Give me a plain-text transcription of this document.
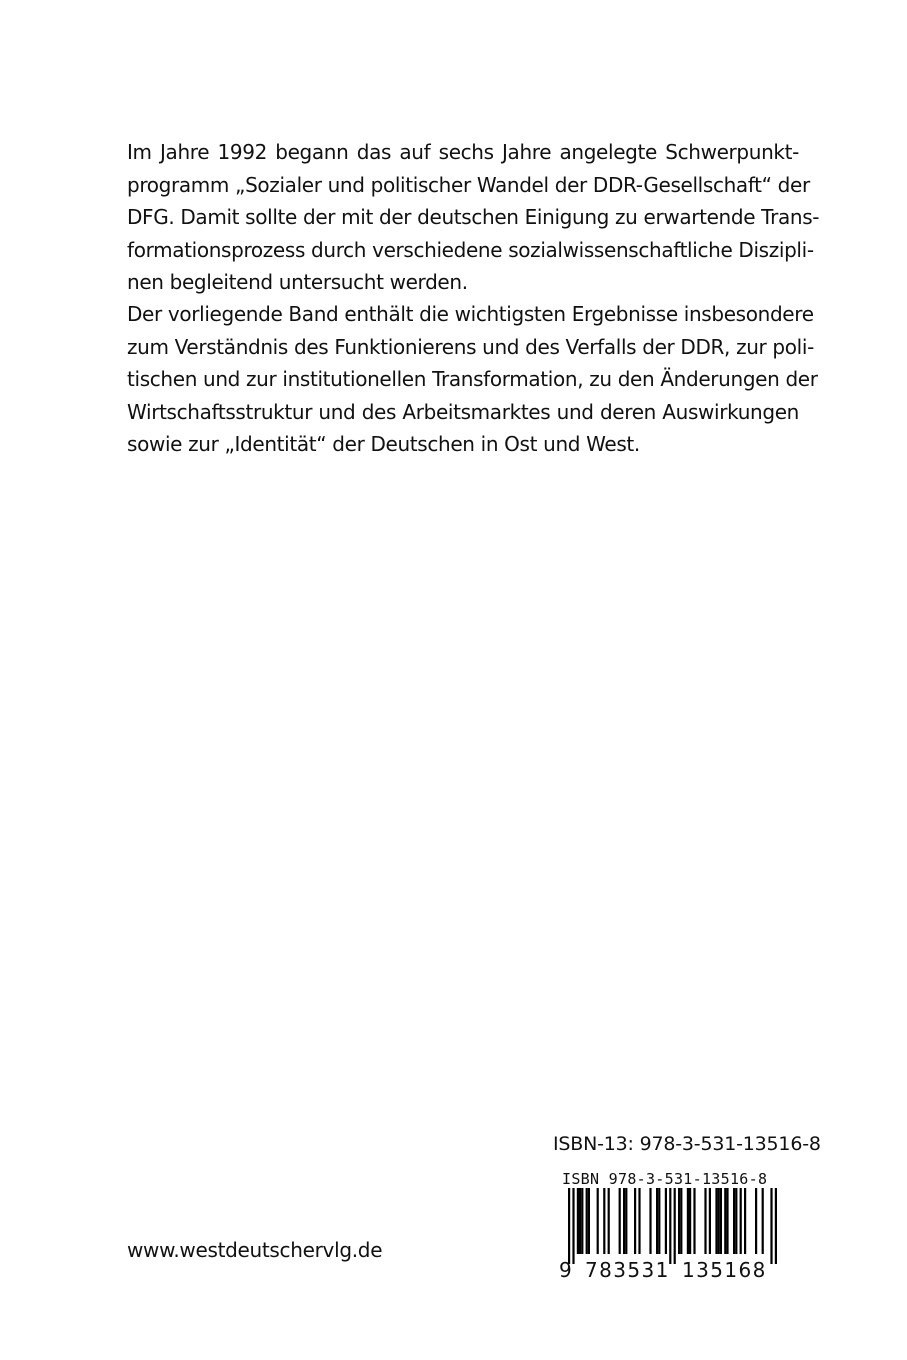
Im Jahre 1992 begann das auf sechs Jahre angelegte Schwerpunkt-
programm „Sozialer und politischer Wandel der DDR-Gesellschaft“ der
DFG. Damit sollte der mit der deutschen Einigung zu erwartende Trans-
formationsprozess durch verschiedene sozialwissenschaftliche Diszipli-
nen begleitend untersucht werden.
Der vorliegende Band enthält die wichtigsten Ergebnisse insbesondere
zum Verständnis des Funktionierens und des Verfalls der DDR, zur poli-
tischen und zur institutionellen Transformation, zu den Änderungen der
Wirtschaftsstruktur und des Arbeitsmarktes und deren Auswirkungen
sowie zur „Identität“ der Deutschen in Ost und West.
ISBN-13: 978-3-531-13516-8
ISBN 978-3-531-13516-8
9 783531 135168
www.westdeutschervlg.de
